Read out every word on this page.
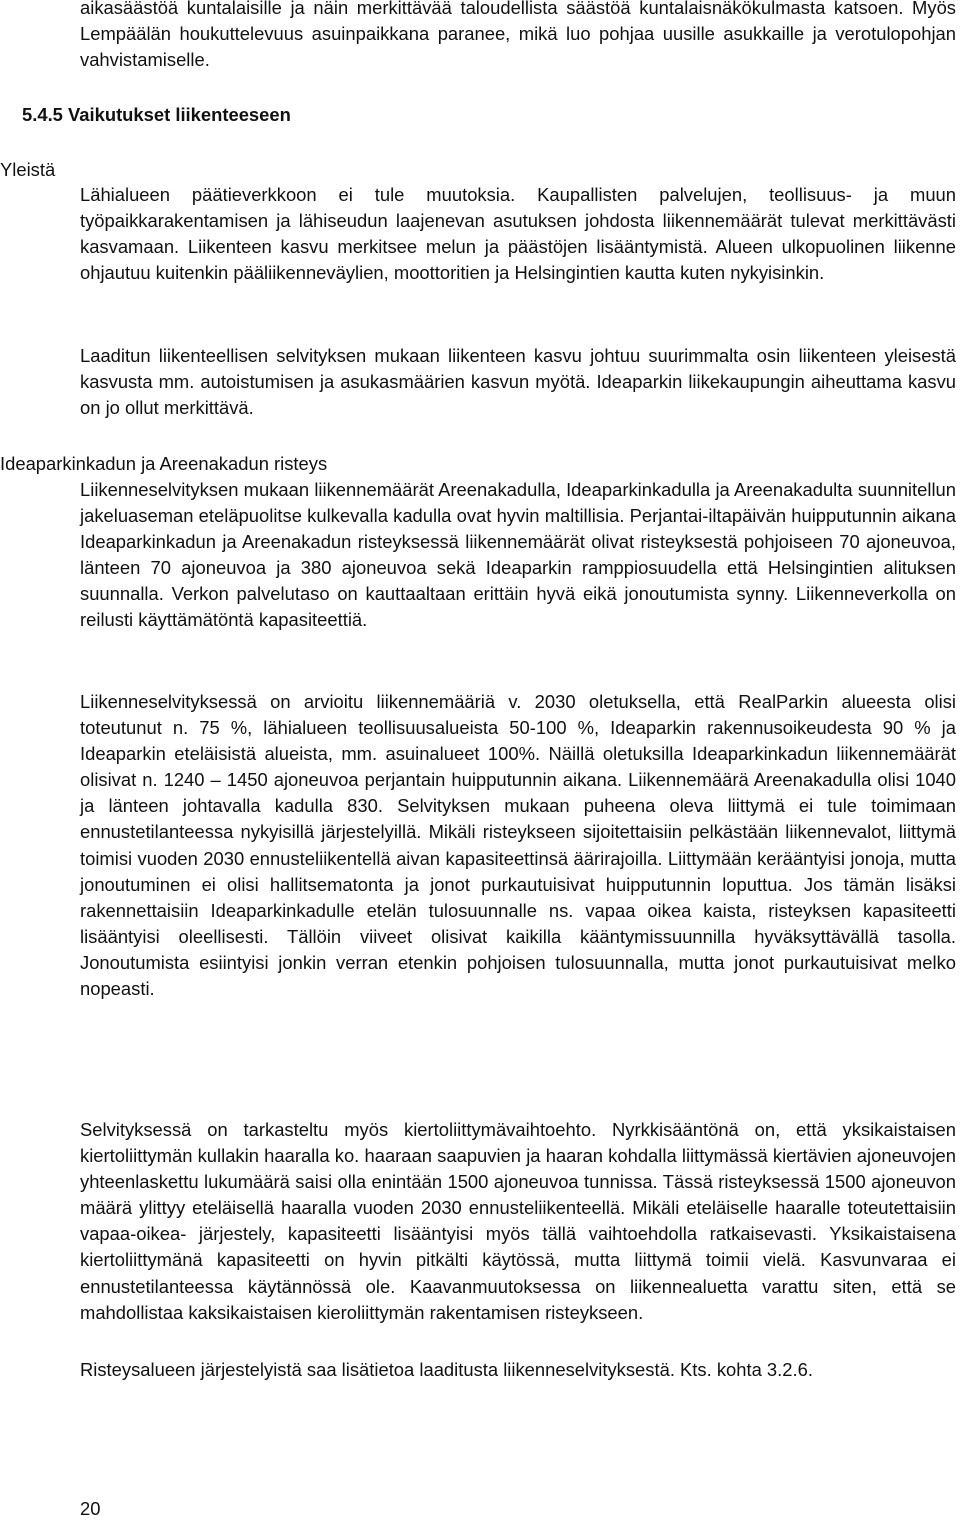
aikasäästöä kuntalaisille ja näin merkittävää taloudellista säästöä kuntalaisnäkökulmasta katsoen. Myös Lempäälän houkuttelevuus asuinpaikkana paranee, mikä luo pohjaa uusille asukkaille ja verotulopohjan vahvistamiselle.

5.4.5 Vaikutukset liikenteeseen
Yleistä

Lähialueen päätieverkkoon ei tule muutoksia. Kaupallisten palvelujen, teollisuus- ja muun työpaikkarakentamisen ja lähiseudun laajenevan asutuksen johdosta liikennemäärät tulevat merkittävästi kasvamaan. Liikenteen kasvu merkitsee melun ja päästöjen lisääntymistä. Alueen ulkopuolinen liikenne ohjautuu kuitenkin pääliikenneväylien, moottoritien ja Helsingintien kautta kuten nykyisinkin.

Laaditun liikenteellisen selvityksen mukaan liikenteen kasvu johtuu suurimmalta osin liikenteen yleisestä kasvusta mm. autoistumisen ja asukasmäärien kasvun myötä. Ideaparkin liikekaupungin aiheuttama kasvu on jo ollut merkittävä.

Ideaparkinkadun ja Areenakadun risteys

Liikenneselvityksen mukaan liikennemäärät Areenakadulla, Ideaparkinkadulla ja Areenakadulta suunnitellun jakeluaseman eteläpuolitse kulkevalla kadulla ovat hyvin maltillisia. Perjantai-iltapäivän huipputunnin aikana Ideaparkinkadun ja Areenakadun risteyksessä liikennemäärät olivat risteyksestä pohjoiseen 70 ajoneuvoa, länteen 70 ajoneuvoa ja 380 ajoneuvoa sekä Ideaparkin ramppiosuudella että Helsingintien alituksen suunnalla. Verkon palvelutaso on kauttaaltaan erittäin hyvä eikä jonoutumista synny. Liikenneverkolla on reilusti käyttämätöntä kapasiteettiä.

Liikenneselvityksessä on arvioitu liikennemääriä v. 2030 oletuksella, että RealParkin alueesta olisi toteutunut n. 75 %, lähialueen teollisuusalueista 50-100 %, Ideaparkin rakennusoikeudesta 90 % ja Ideaparkin eteläisistä alueista, mm. asuinalueet 100%. Näillä oletuksilla Ideaparkinkadun liikennemäärät olisivat n. 1240 – 1450 ajoneuvoa perjantain huipputunnin aikana. Liikennemäärä Areenakadulla olisi 1040 ja länteen johtavalla kadulla 830. Selvityksen mukaan puheena oleva liittymä ei tule toimimaan ennustetilanteessa nykyisillä järjestelyillä. Mikäli risteykseen sijoitettaisiin pelkästään liikennevalot, liittymä toimisi vuoden 2030 ennusteliikentellä aivan kapasiteettinsä äärirajoilla. Liittymään kerääntyisi jonoja, mutta jonoutuminen ei olisi hallitsematonta ja jonot purkautuisivat huipputunnin loputtua. Jos tämän lisäksi rakennettaisiin Ideaparkinkadulle etelän tulosuunnalle ns. vapaa oikea kaista, risteyksen kapasiteetti lisääntyisi oleellisesti. Tällöin viiveet olisivat kaikilla kääntymissuunnilla hyväksyttävällä tasolla. Jonoutumista esiintyisi jonkin verran etenkin pohjoisen tulosuunnalla, mutta jonot purkautuisivat melko nopeasti.

Selvityksessä on tarkasteltu myös kiertoliittymävaihtoehto. Nyrkkisääntönä on, että yksikaistaisen kiertoliittymän kullakin haaralla ko. haaraan saapuvien ja haaran kohdalla liittymässä kiertävien ajoneuvojen yhteenlaskettu lukumäärä saisi olla enintään 1500 ajoneuvoa tunnissa. Tässä risteyksessä 1500 ajoneuvon määrä ylittyy eteläisellä haaralla vuoden 2030 ennusteliikenteellä. Mikäli eteläiselle haaralle toteutettaisiin vapaa-oikea- järjestely, kapasiteetti lisääntyisi myös tällä vaihtoehdolla ratkaisevasti. Yksikaistaisena kiertoliittymänä kapasiteetti on hyvin pitkälti käytössä, mutta liittymä toimii vielä. Kasvunvaraa ei ennustetilanteessa käytännössä ole. Kaavanmuutoksessa on liikennealuetta varattu siten, että se mahdollistaa kaksikaistaisen kieroliittymän rakentamisen risteykseen.

Risteysalueen järjestelyistä saa lisätietoa laaditusta liikenneselvityksestä. Kts. kohta 3.2.6.

20
